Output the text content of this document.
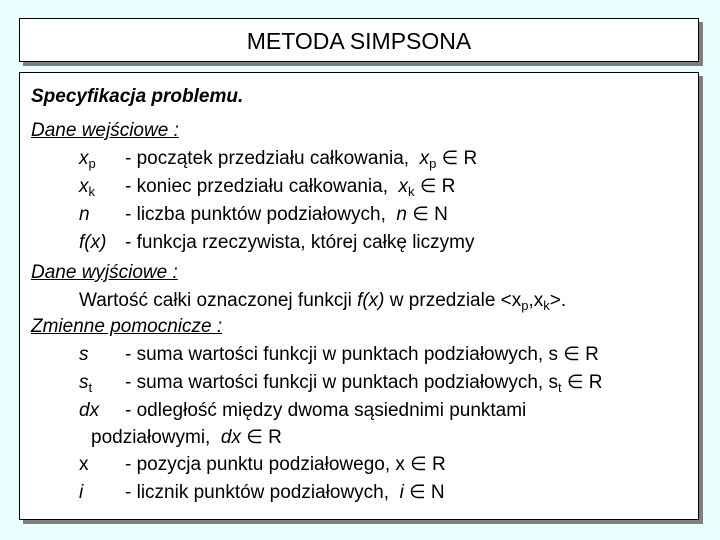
METODA SIMPSONA
Specyfikacja problemu.
Dane wejściowe :
$x_p$ - początek przedziału całkowania, $x_p$ ∈ R
$x_k$ - koniec przedziału całkowania, $x_k$ ∈ R
n - liczba punktów podziałowych, n ∈ N
f(x) - funkcja rzeczywista, której całkę liczymy
Dane wyjściowe :
Wartość całki oznaczonej funkcji f(x) w przedziale $<x_p,x_k>$.
Zmienne pomocnicze :
s - suma wartości funkcji w punktach podziałowych, s ∈ R
$s_t$ - suma wartości funkcji w punktach podziałowych, $s_t$ ∈ R
dx - odległość między dwoma sąsiednimi punktami
podziałowymi, dx ∈ R
x - pozycja punktu podziałowego, x ∈ R
i - licznik punktów podziałowych, i ∈ N
